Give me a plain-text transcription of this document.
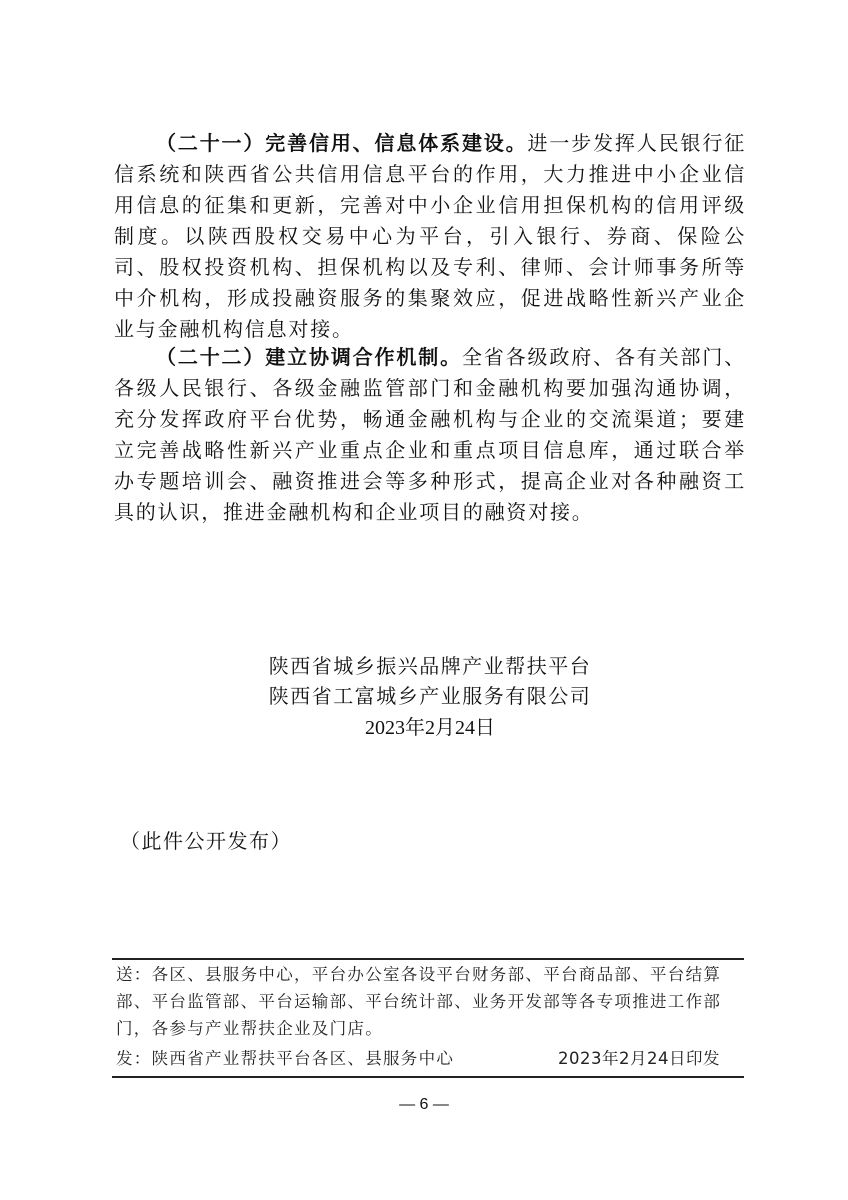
（二十一）完善信用、信息体系建设。进一步发挥人民银行征信系统和陕西省公共信用信息平台的作用，大力推进中小企业信用信息的征集和更新，完善对中小企业信用担保机构的信用评级制度。以陕西股权交易中心为平台，引入银行、券商、保险公司、股权投资机构、担保机构以及专利、律师、会计师事务所等中介机构，形成投融资服务的集聚效应，促进战略性新兴产业企业与金融机构信息对接。

（二十二）建立协调合作机制。全省各级政府、各有关部门、各级人民银行、各级金融监管部门和金融机构要加强沟通协调，充分发挥政府平台优势，畅通金融机构与企业的交流渠道；要建立完善战略性新兴产业重点企业和重点项目信息库，通过联合举办专题培训会、融资推进会等多种形式，提高企业对各种融资工具的认识，推进金融机构和企业项目的融资对接。

陕西省城乡振兴品牌产业帮扶平台
陕西省工富城乡产业服务有限公司
2023年2月24日
（此件公开发布）
送：各区、县服务中心，平台办公室各设平台财务部、平台商品部、平台结算部、平台监管部、平台运输部、平台统计部、业务开发部等各专项推进工作部门，各参与产业帮扶企业及门店。
发：陕西省产业帮扶平台各区、县服务中心	2023年2月24日印发
— 6 —
